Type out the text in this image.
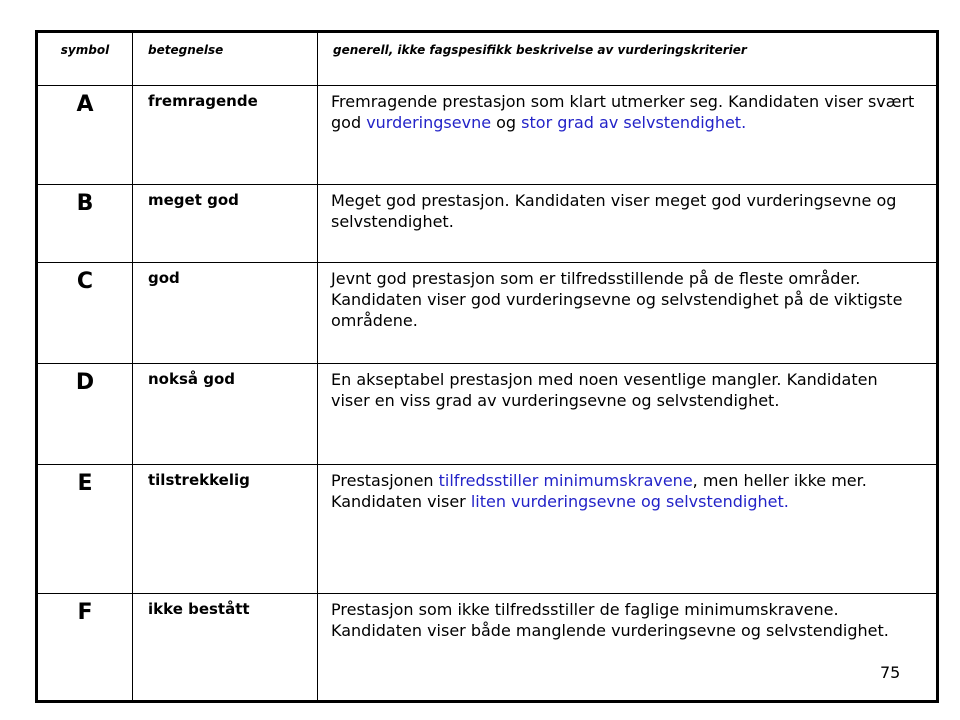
symbol	betegnelse	generell, ikke fagspesifikk beskrivelse av vurderingskriterier
A	fremragende	Fremragende prestasjon som klart utmerker seg. Kandidaten viser svært god vurderingsevne og stor grad av selvstendighet.
B	meget god	Meget god prestasjon. Kandidaten viser meget god vurderingsevne og selvstendighet.
C	god	Jevnt god prestasjon som er tilfredsstillende på de fleste områder. Kandidaten viser god vurderingsevne og selvstendighet på de viktigste områdene.
D	nokså god	En akseptabel prestasjon med noen vesentlige mangler. Kandidaten viser en viss grad av vurderingsevne og selvstendighet.
E	tilstrekkelig	Prestasjonen tilfredsstiller minimumskravene, men heller ikke mer. Kandidaten viser liten vurderingsevne og selvstendighet.
F	ikke bestått	Prestasjon som ikke tilfredsstiller de faglige minimumskravene. Kandidaten viser både manglende vurderingsevne og selvstendighet.
75
